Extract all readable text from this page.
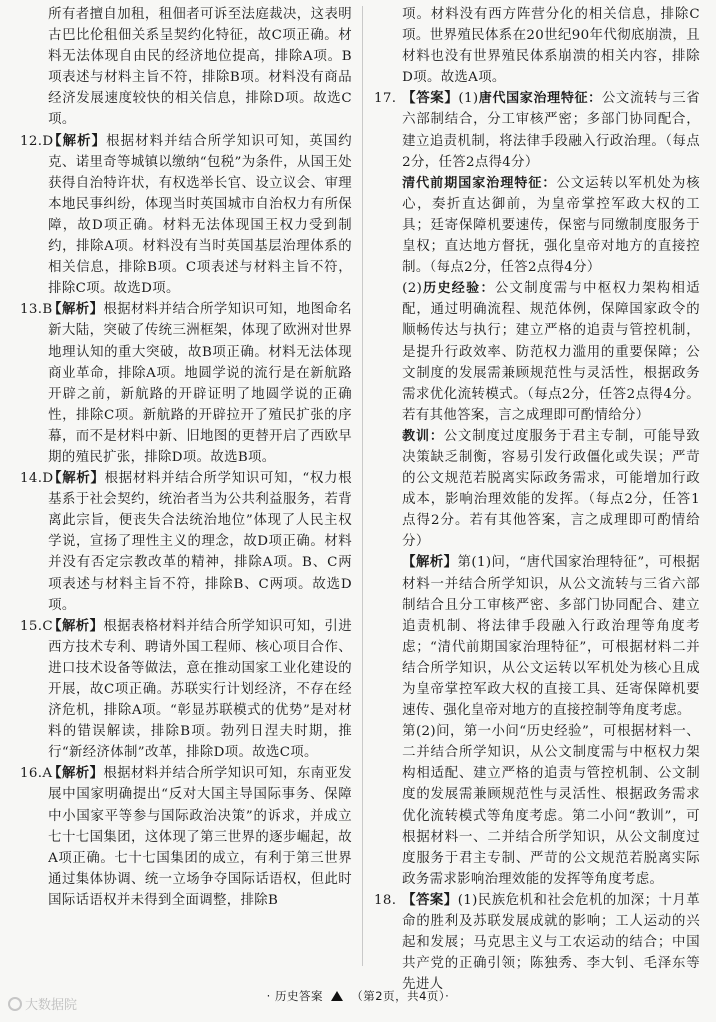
所有者擅自加租，租佃者可诉至法庭裁决，这表明古巴比伦租佃关系呈契约化特征，故C项正确。材料无法体现自由民的经济地位提高，排除A项。B项表述与材料主旨不符，排除B项。材料没有商品经济发展速度较快的相关信息，排除D项。故选C项。

12.D
【解析】根据材料并结合所学知识可知，英国约克、诺里奇等城镇以缴纳“包税”为条件，从国王处获得自治特许状，有权选举长官、设立议会、审理本地民事纠纷，体现当时英国城市自治权力有所保障，故D项正确。材料无法体现国王权力受到制约，排除A项。材料没有当时英国基层治理体系的相关信息，排除B项。C项表述与材料主旨不符，排除C项。故选D项。
13.B
【解析】根据材料并结合所学知识可知，地图命名新大陆，突破了传统三洲框架，体现了欧洲对世界地理认知的重大突破，故B项正确。材料无法体现商业革命，排除A项。地圆学说的流行是在新航路开辟之前，新航路的开辟证明了地圆学说的正确性，排除C项。新航路的开辟拉开了殖民扩张的序幕，而不是材料中新、旧地图的更替开启了西欧早期的殖民扩张，排除D项。故选B项。
14.D
【解析】根据材料并结合所学知识可知，“权力根基系于社会契约，统治者当为公共利益服务，若背离此宗旨，便丧失合法统治地位”体现了人民主权学说，宣扬了理性主义的理念，故D项正确。材料并没有否定宗教改革的精神，排除A项。B、C两项表述与材料主旨不符，排除B、C两项。故选D项。
15.C
【解析】根据表格材料并结合所学知识可知，引进西方技术专利、聘请外国工程师、核心项目合作、进口技术设备等做法，意在推动国家工业化建设的开展，故C项正确。苏联实行计划经济，不存在经济危机，排除A项。“彰显苏联模式的优势”是对材料的错误解读，排除B项。勃列日涅夫时期，推行“新经济体制”改革，排除D项。故选C项。
16.A
【解析】根据材料并结合所学知识可知，东南亚发展中国家明确提出“反对大国主导国际事务、保障中小国家平等参与国际政治决策”的诉求，并成立七十七国集团，这体现了第三世界的逐步崛起，故A项正确。七十七国集团的成立，有利于第三世界通过集体协调、统一立场争夺国际话语权，但此时国际话语权并未得到全面调整，排除B

项。材料没有西方阵营分化的相关信息，排除C项。世界殖民体系在20世纪90年代彻底崩溃，且材料也没有世界殖民体系崩溃的相关内容，排除D项。故选A项。

17. 【答案】(1)唐代国家治理特征：公文流转与三省六部制结合，分工审核严密；多部门协同配合，建立追责机制，将法律手段融入行政治理。（每点2分，任答2点得4分）

清代前期国家治理特征：公文运转以军机处为核心，奏折直达御前，为皇帝掌控军政大权的工具；廷寄保障机要速传，保密与同缴制度服务于皇权；直达地方督抚，强化皇帝对地方的直接控制。（每点2分，任答2点得4分）

(2)历史经验：公文制度需与中枢权力架构相适配，通过明确流程、规范体例，保障国家政令的顺畅传达与执行；建立严格的追责与管控机制，是提升行政效率、防范权力滥用的重要保障；公文制度的发展需兼顾规范性与灵活性，根据政务需求优化流转模式。（每点2分，任答2点得4分。若有其他答案，言之成理即可酌情给分）

教训：公文制度过度服务于君主专制，可能导致决策缺乏制衡，容易引发行政僵化或失误；严苛的公文规范若脱离实际政务需求，可能增加行政成本，影响治理效能的发挥。（每点2分，任答1点得2分。若有其他答案，言之成理即可酌情给分）

【解析】第(1)问，“唐代国家治理特征”，可根据材料一并结合所学知识，从公文流转与三省六部制结合且分工审核严密、多部门协同配合、建立追责机制、将法律手段融入行政治理等角度考虑；“清代前期国家治理特征”，可根据材料二并结合所学知识，从公文运转以军机处为核心且成为皇帝掌控军政大权的直接工具、廷寄保障机要速传、强化皇帝对地方的直接控制等角度考虑。

第(2)问，第一小问“历史经验”，可根据材料一、二并结合所学知识，从公文制度需与中枢权力架构相适配、建立严格的追责与管控机制、公文制度的发展需兼顾规范性与灵活性、根据政务需求优化流转模式等角度考虑。第二小问“教训”，可根据材料一、二并结合所学知识，从公文制度过度服务于君主专制、严苛的公文规范若脱离实际政务需求影响治理效能的发挥等角度考虑。

18. 【答案】(1)民族危机和社会危机的加深；十月革命的胜利及苏联发展成就的影响；工人运动的兴起和发展；马克思主义与工农运动的结合；中国共产党的正确引领；陈独秀、李大钊、毛泽东等先进人
· 历史答案 （第2页，共4页）·
大数据院
